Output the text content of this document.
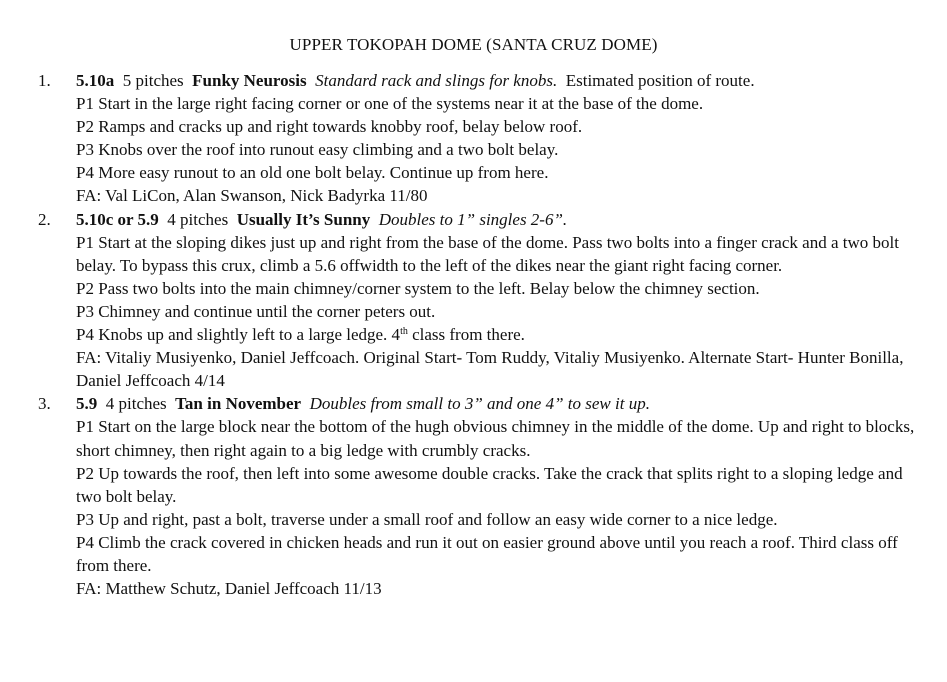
UPPER TOKOPAH DOME (SANTA CRUZ DOME)
1. 5.10a 5 pitches Funky Neurosis Standard rack and slings for knobs. Estimated position of route.
P1 Start in the large right facing corner or one of the systems near it at the base of the dome.
P2 Ramps and cracks up and right towards knobby roof, belay below roof.
P3 Knobs over the roof into runout easy climbing and a two bolt belay.
P4 More easy runout to an old one bolt belay. Continue up from here.
FA: Val LiCon, Alan Swanson, Nick Badyrka 11/80
2. 5.10c or 5.9 4 pitches Usually It’s Sunny Doubles to 1” singles 2-6”.
P1 Start at the sloping dikes just up and right from the base of the dome. Pass two bolts into a finger crack and a two bolt belay. To bypass this crux, climb a 5.6 offwidth to the left of the dikes near the giant right facing corner.
P2 Pass two bolts into the main chimney/corner system to the left. Belay below the chimney section.
P3 Chimney and continue until the corner peters out.
P4 Knobs up and slightly left to a large ledge. 4th class from there.
FA: Vitaliy Musiyenko, Daniel Jeffcoach. Original Start- Tom Ruddy, Vitaliy Musiyenko. Alternate Start- Hunter Bonilla, Daniel Jeffcoach 4/14
3. 5.9 4 pitches Tan in November Doubles from small to 3” and one 4” to sew it up.
P1 Start on the large block near the bottom of the hugh obvious chimney in the middle of the dome. Up and right to blocks, short chimney, then right again to a big ledge with crumbly cracks.
P2 Up towards the roof, then left into some awesome double cracks. Take the crack that splits right to a sloping ledge and two bolt belay.
P3 Up and right, past a bolt, traverse under a small roof and follow an easy wide corner to a nice ledge.
P4 Climb the crack covered in chicken heads and run it out on easier ground above until you reach a roof. Third class off from there.
FA: Matthew Schutz, Daniel Jeffcoach 11/13
